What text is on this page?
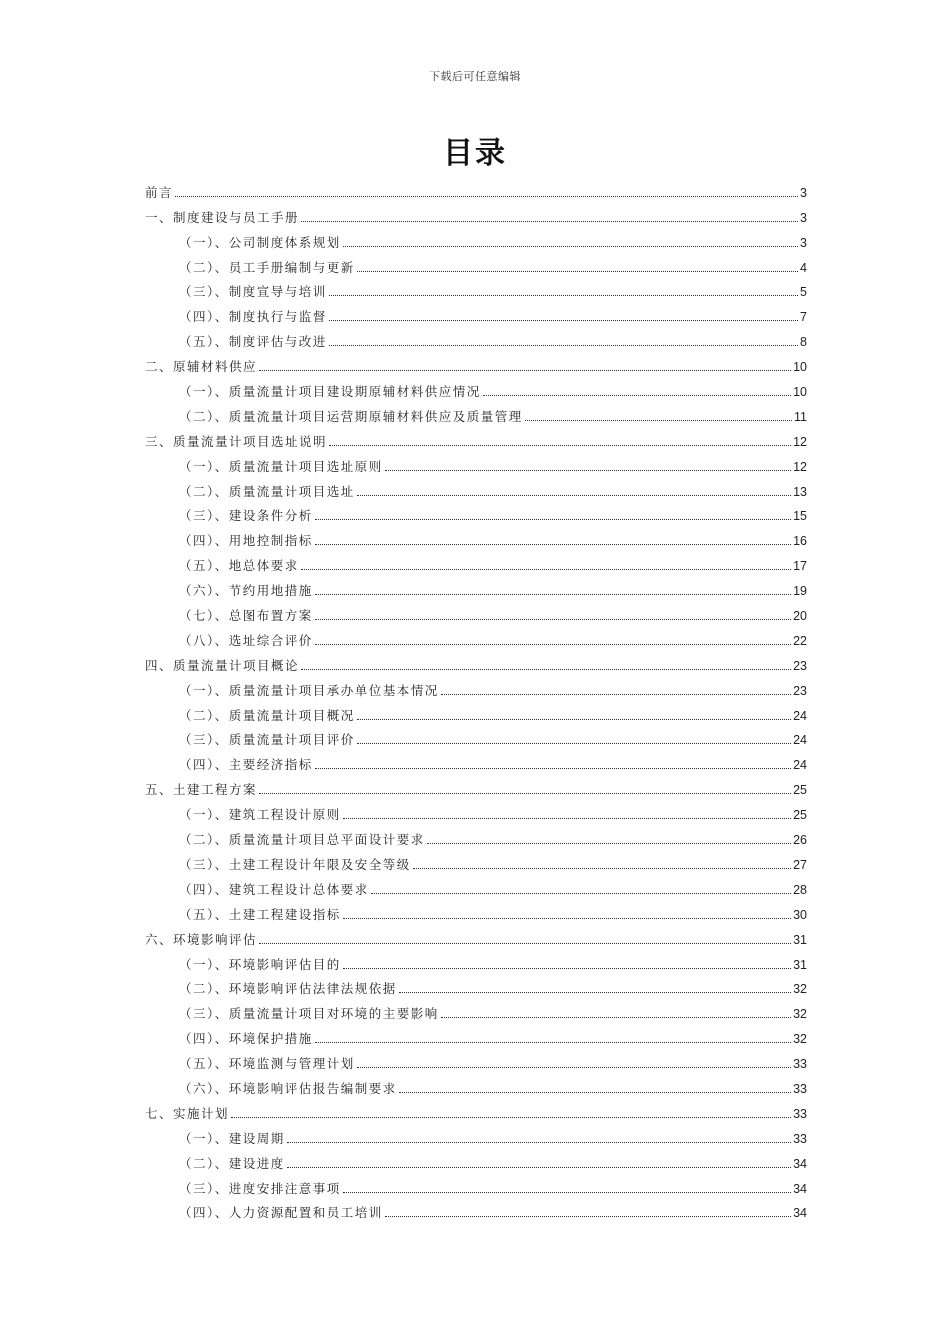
下载后可任意编辑
目录
前言	3
一、制度建设与员工手册	3
（一）、公司制度体系规划	3
（二）、员工手册编制与更新	4
（三）、制度宣导与培训	5
（四）、制度执行与监督	7
（五）、制度评估与改进	8
二、原辅材料供应	10
（一）、质量流量计项目建设期原辅材料供应情况	10
（二）、质量流量计项目运营期原辅材料供应及质量管理	11
三、质量流量计项目选址说明	12
（一）、质量流量计项目选址原则	12
（二）、质量流量计项目选址	13
（三）、建设条件分析	15
（四）、用地控制指标	16
（五）、地总体要求	17
（六）、节约用地措施	19
（七）、总图布置方案	20
（八）、选址综合评价	22
四、质量流量计项目概论	23
（一）、质量流量计项目承办单位基本情况	23
（二）、质量流量计项目概况	24
（三）、质量流量计项目评价	24
（四）、主要经济指标	24
五、土建工程方案	25
（一）、建筑工程设计原则	25
（二）、质量流量计项目总平面设计要求	26
（三）、土建工程设计年限及安全等级	27
（四）、建筑工程设计总体要求	28
（五）、土建工程建设指标	30
六、环境影响评估	31
（一）、环境影响评估目的	31
（二）、环境影响评估法律法规依据	32
（三）、质量流量计项目对环境的主要影响	32
（四）、环境保护措施	32
（五）、环境监测与管理计划	33
（六）、环境影响评估报告编制要求	33
七、实施计划	33
（一）、建设周期	33
（二）、建设进度	34
（三）、进度安排注意事项	34
（四）、人力资源配置和员工培训	34
